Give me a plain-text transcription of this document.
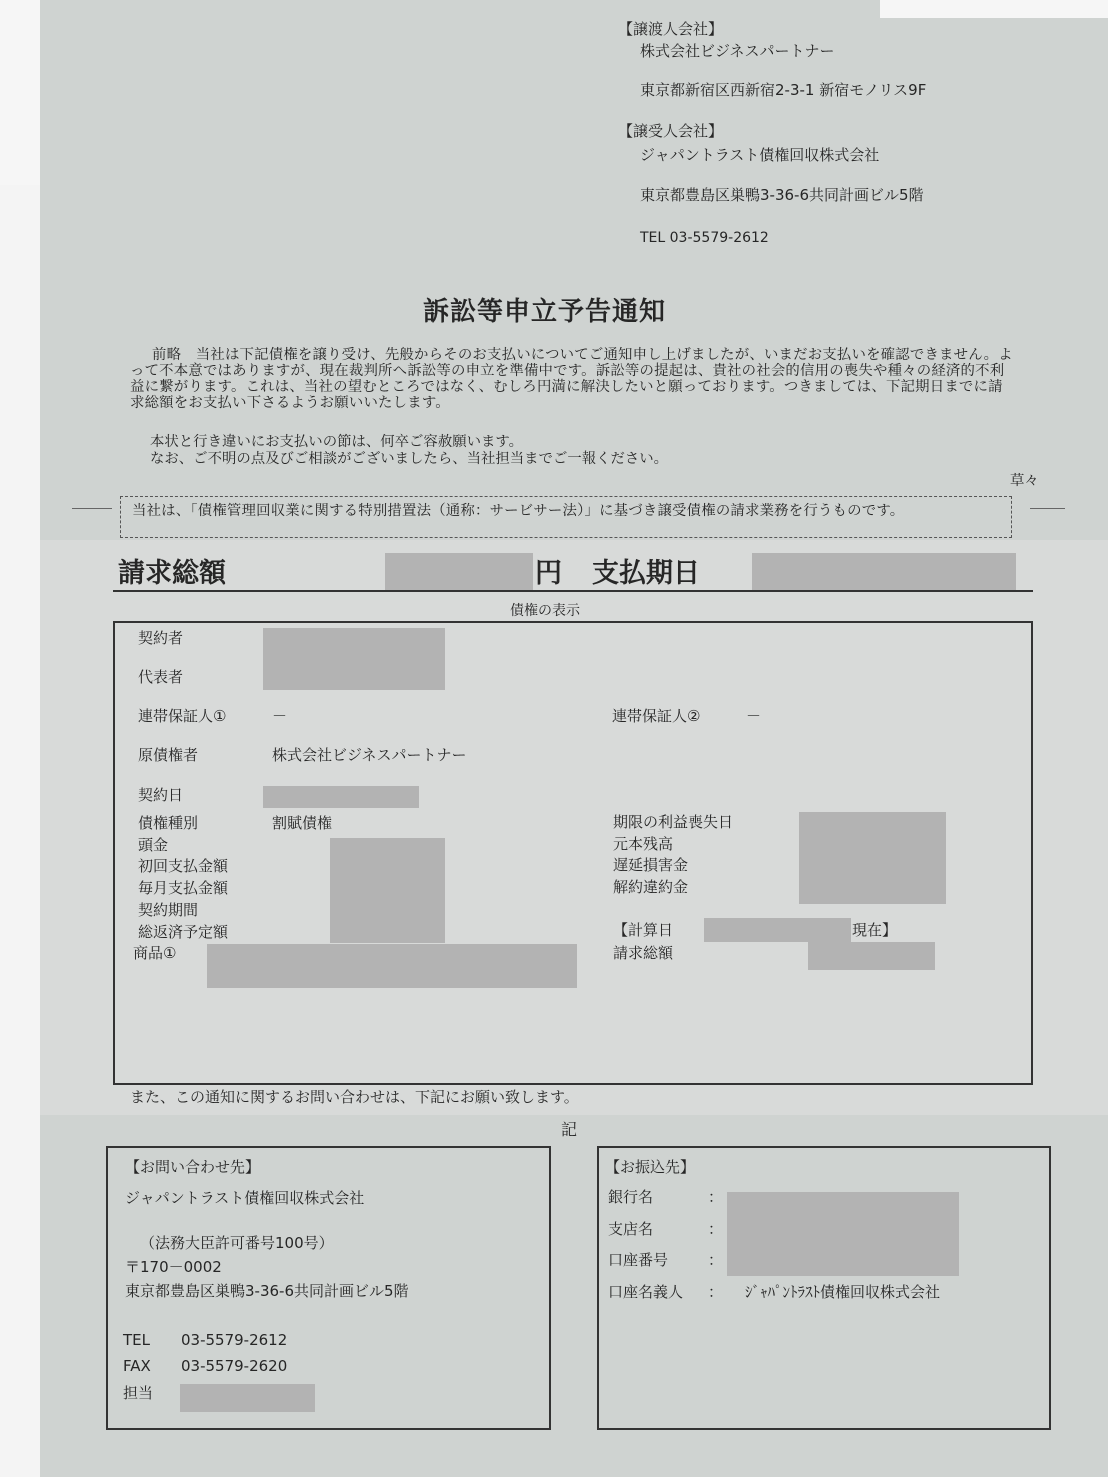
【譲渡人会社】
株式会社ビジネスパートナー
東京都新宿区西新宿2-3-1 新宿モノリス9F
【譲受人会社】
ジャパントラスト債権回収株式会社
東京都豊島区巣鴨3-36-6共同計画ビル5階
TEL 03-5579-2612
訴訟等申立予告通知
前略　当社は下記債権を譲り受け、先般からそのお支払いについてご通知申し上げましたが、いまだお支払いを確認できません。よって不本意ではありますが、現在裁判所へ訴訟等の申立を準備中です。訴訟等の提起は、貴社の社会的信用の喪失や種々の経済的不利益に繋がります。これは、当社の望むところではなく、むしろ円満に解決したいと願っております。つきましては、下記期日までに請求総額をお支払い下さるようお願いいたします。
本状と行き違いにお支払いの節は、何卒ご容赦願います。
なお、ご不明の点及びご相談がございましたら、当社担当までご一報ください。
草々
当社は、「債権管理回収業に関する特別措置法（通称：サービサー法）」に基づき譲受債権の請求業務を行うものです。
請求総額	円 支払期日
債権の表示
契約者
代表者
連帯保証人①	－	連帯保証人②	－
原債権者	株式会社ビジネスパートナー
契約日
債権種別	割賦債権
頭金
初回支払金額
毎月支払金額
契約期間
総返済予定額
商品①
期限の利益喪失日
元本残高
遅延損害金
解約違約金
【計算日	現在】
請求総額
また、この通知に関するお問い合わせは、下記にお願い致します。
記
【お問い合わせ先】
ジャパントラスト債権回収株式会社
（法務大臣許可番号100号）
〒170－0002
東京都豊島区巣鴨3-36-6共同計画ビル5階
TEL 03-5579-2612
FAX 03-5579-2620
担当
【お振込先】
銀行名	：
支店名	：
口座番号	：
口座名義人 ： ｼﾞｬﾊﾟﾝﾄﾗｽﾄ債権回収株式会社
